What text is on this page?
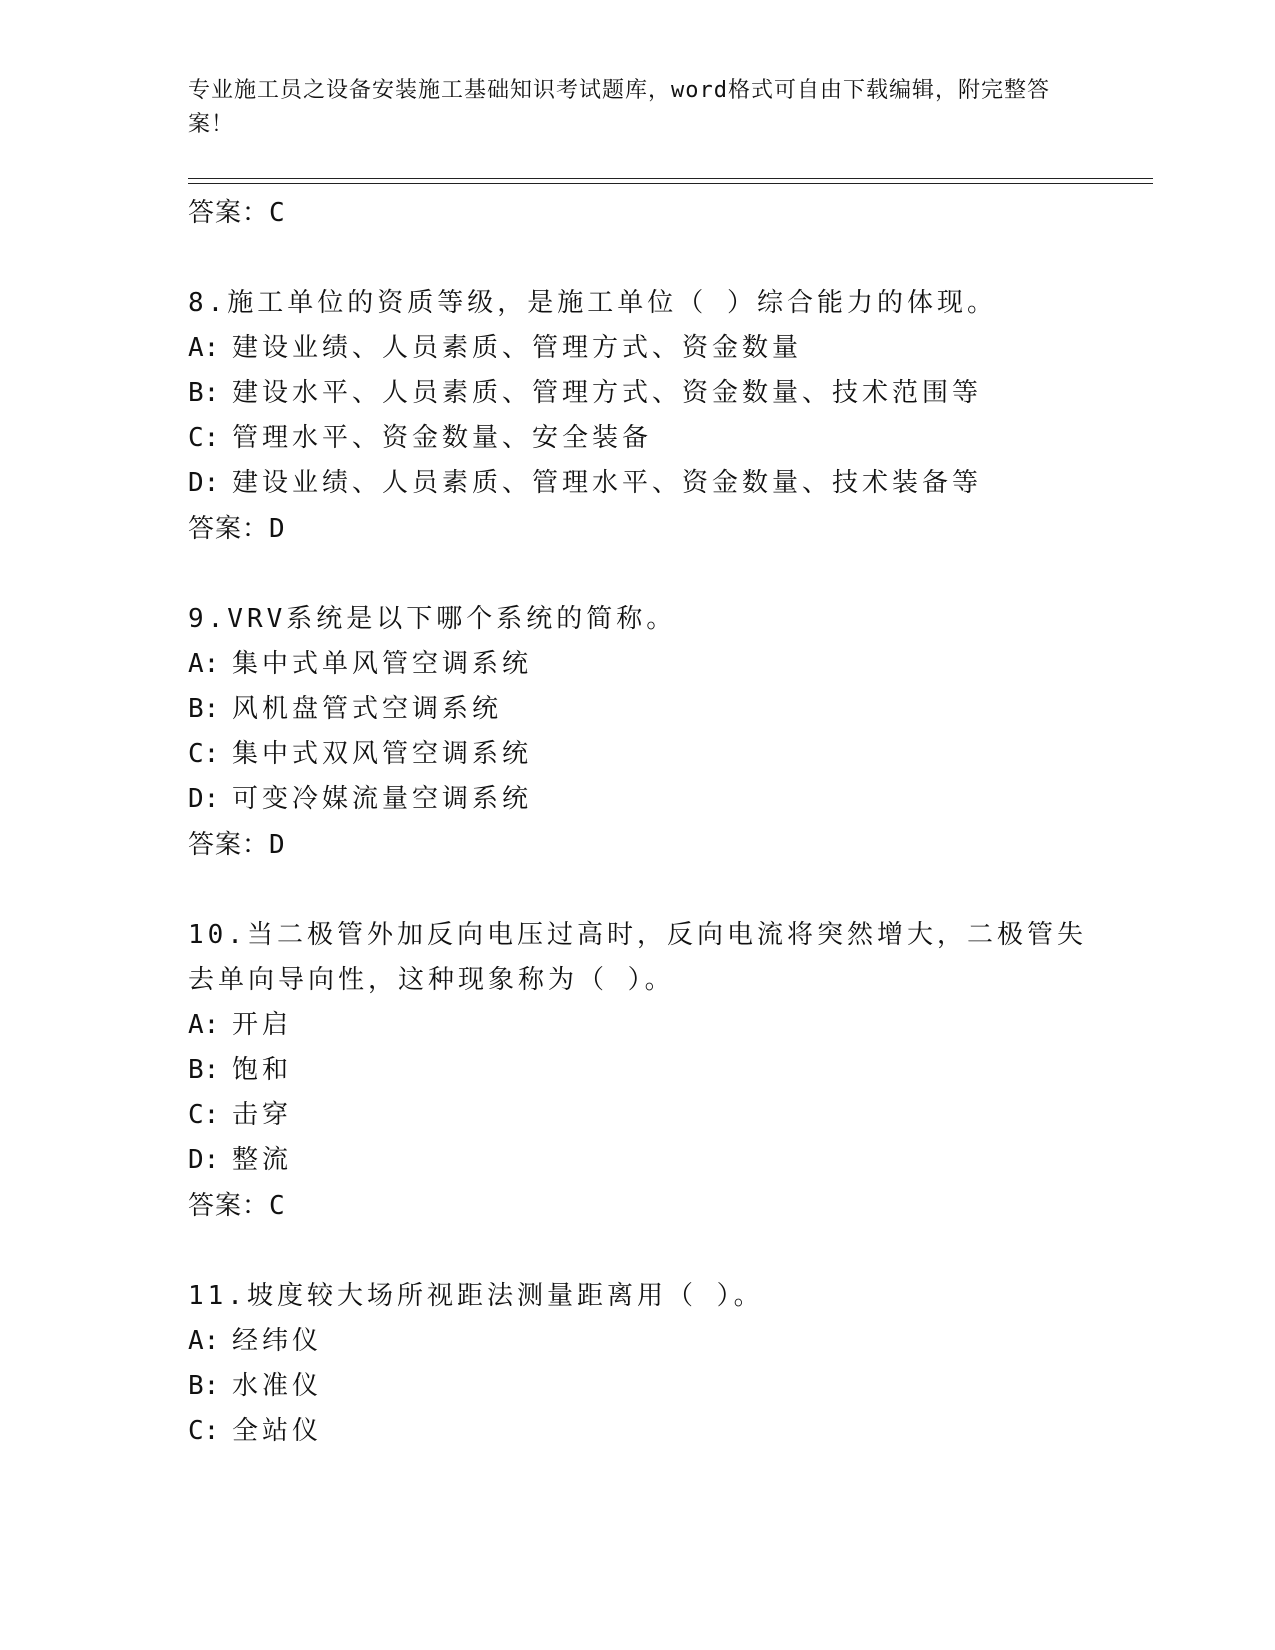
专业施工员之设备安装施工基础知识考试题库，word格式可自由下载编辑，附完整答案！
答案：C
8.施工单位的资质等级，是施工单位（ ）综合能力的体现。
A: 建设业绩、人员素质、管理方式、资金数量
B: 建设水平、人员素质、管理方式、资金数量、技术范围等
C: 管理水平、资金数量、安全装备
D: 建设业绩、人员素质、管理水平、资金数量、技术装备等
答案：D
9.VRV系统是以下哪个系统的简称。
A: 集中式单风管空调系统
B: 风机盘管式空调系统
C: 集中式双风管空调系统
D: 可变冷媒流量空调系统
答案：D
10.当二极管外加反向电压过高时，反向电流将突然增大，二极管失去单向导向性，这种现象称为（ ）。
A: 开启
B: 饱和
C: 击穿
D: 整流
答案：C
11.坡度较大场所视距法测量距离用（ ）。
A: 经纬仪
B: 水准仪
C: 全站仪
